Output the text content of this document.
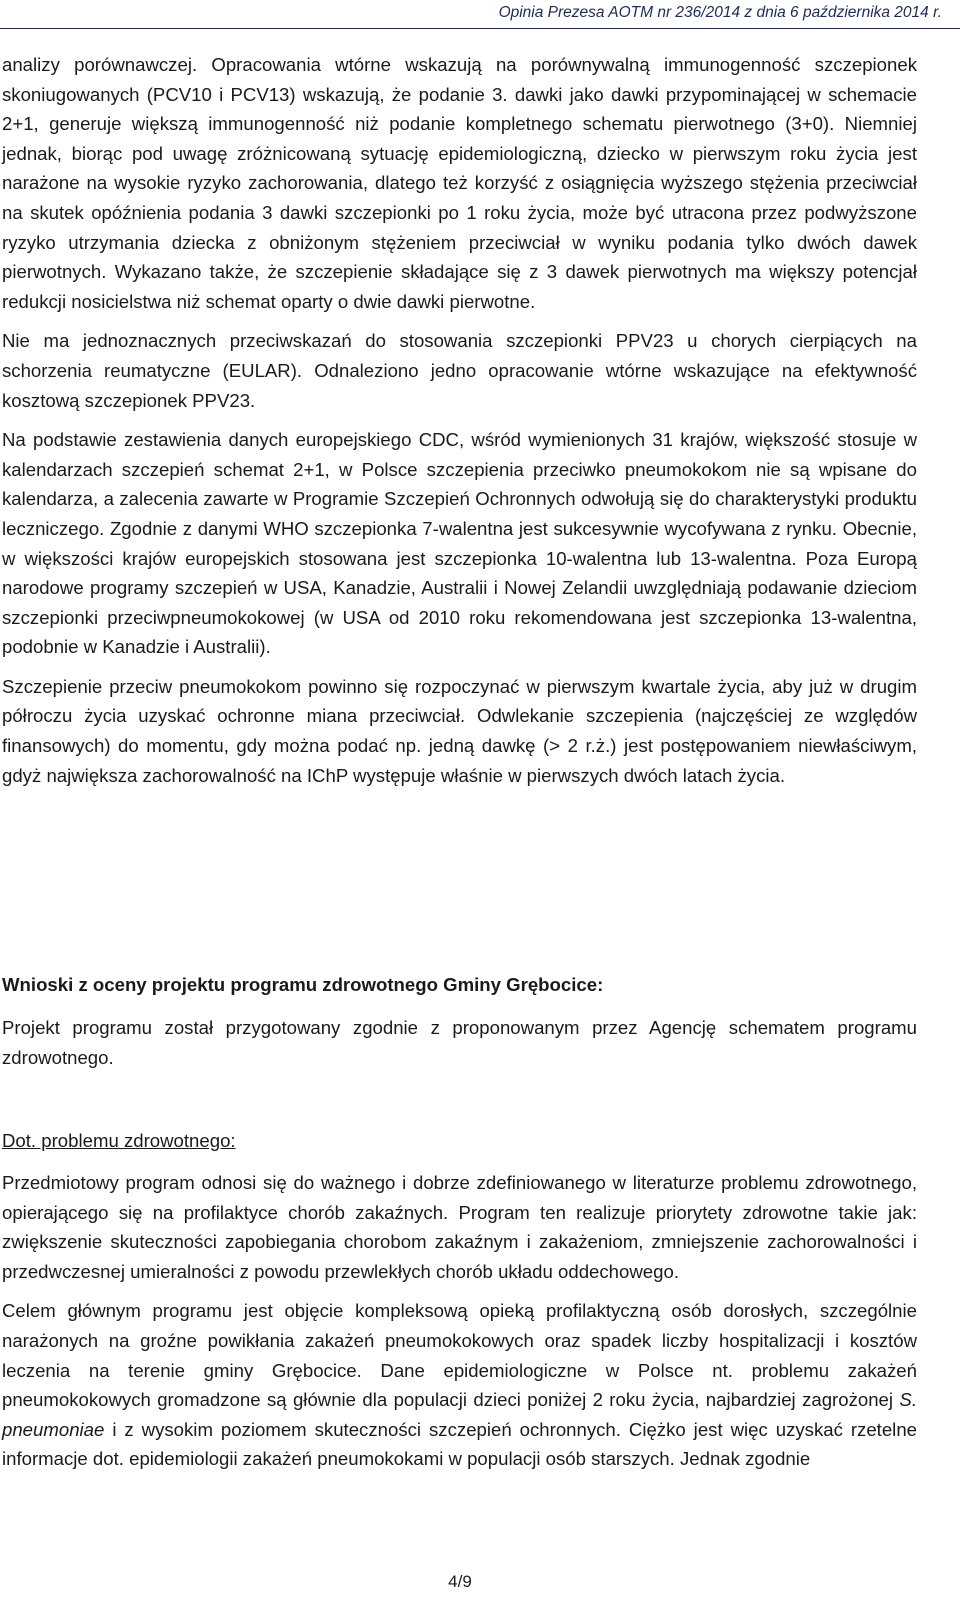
Opinia Prezesa AOTM nr 236/2014 z dnia 6 października 2014 r.

analizy porównawczej. Opracowania wtórne wskazują na porównywalną immunogenność szczepionek skoniugowanych (PCV10 i PCV13) wskazują, że podanie 3. dawki jako dawki przypominającej w schemacie 2+1, generuje większą immunogenność niż podanie kompletnego schematu pierwotnego (3+0). Niemniej jednak, biorąc pod uwagę zróżnicowaną sytuację epidemiologiczną, dziecko w pierwszym roku życia jest narażone na wysokie ryzyko zachorowania, dlatego też korzyść z osiągnięcia wyższego stężenia przeciwciał na skutek opóźnienia podania 3 dawki szczepionki po 1 roku życia, może być utracona przez podwyższone ryzyko utrzymania dziecka z obniżonym stężeniem przeciwciał w wyniku podania tylko dwóch dawek pierwotnych. Wykazano także, że szczepienie składające się z 3 dawek pierwotnych ma większy potencjał redukcji nosicielstwa niż schemat oparty o dwie dawki pierwotne.

Nie ma jednoznacznych przeciwskazań do stosowania szczepionki PPV23 u chorych cierpiących na schorzenia reumatyczne (EULAR). Odnaleziono jedno opracowanie wtórne wskazujące na efektywność kosztową szczepionek PPV23.

Na podstawie zestawienia danych europejskiego CDC, wśród wymienionych 31 krajów, większość stosuje w kalendarzach szczepień schemat 2+1, w Polsce szczepienia przeciwko pneumokokom nie są wpisane do kalendarza, a zalecenia zawarte w Programie Szczepień Ochronnych odwołują się do charakterystyki produktu leczniczego. Zgodnie z danymi WHO szczepionka 7-walentna jest sukcesywnie wycofywana z rynku. Obecnie, w większości krajów europejskich stosowana jest szczepionka 10-walentna lub 13-walentna. Poza Europą narodowe programy szczepień w USA, Kanadzie, Australii i Nowej Zelandii uwzględniają podawanie dzieciom szczepionki przeciwpneumokokowej (w USA od 2010 roku rekomendowana jest szczepionka 13-walentna, podobnie w Kanadzie i Australii).

Szczepienie przeciw pneumokokom powinno się rozpoczynać w pierwszym kwartale życia, aby już w drugim półroczu życia uzyskać ochronne miana przeciwciał. Odwlekanie szczepienia (najczęściej ze względów finansowych) do momentu, gdy można podać np. jedną dawkę (> 2 r.ż.) jest postępowaniem niewłaściwym, gdyż największa zachorowalność na IChP występuje właśnie w pierwszych dwóch latach życia.

Wnioski z oceny projektu programu zdrowotnego Gminy Grębocice:

Projekt programu został przygotowany zgodnie z proponowanym przez Agencję schematem programu zdrowotnego.

Dot. problemu zdrowotnego:

Przedmiotowy program odnosi się do ważnego i dobrze zdefiniowanego w literaturze problemu zdrowotnego, opierającego się na profilaktyce chorób zakaźnych. Program ten realizuje priorytety zdrowotne takie jak: zwiększenie skuteczności zapobiegania chorobom zakaźnym i zakażeniom, zmniejszenie zachorowalności i przedwczesnej umieralności z powodu przewlekłych chorób układu oddechowego.

Celem głównym programu jest objęcie kompleksową opieką profilaktyczną osób dorosłych, szczególnie narażonych na groźne powikłania zakażeń pneumokokowych oraz spadek liczby hospitalizacji i kosztów leczenia na terenie gminy Grębocice. Dane epidemiologiczne w Polsce nt. problemu zakażeń pneumokokowych gromadzone są głównie dla populacji dzieci poniżej 2 roku życia, najbardziej zagrożonej S. pneumoniae i z wysokim poziomem skuteczności szczepień ochronnych. Ciężko jest więc uzyskać rzetelne informacje dot. epidemiologii zakażeń pneumokokami w populacji osób starszych. Jednak zgodnie

4/9
